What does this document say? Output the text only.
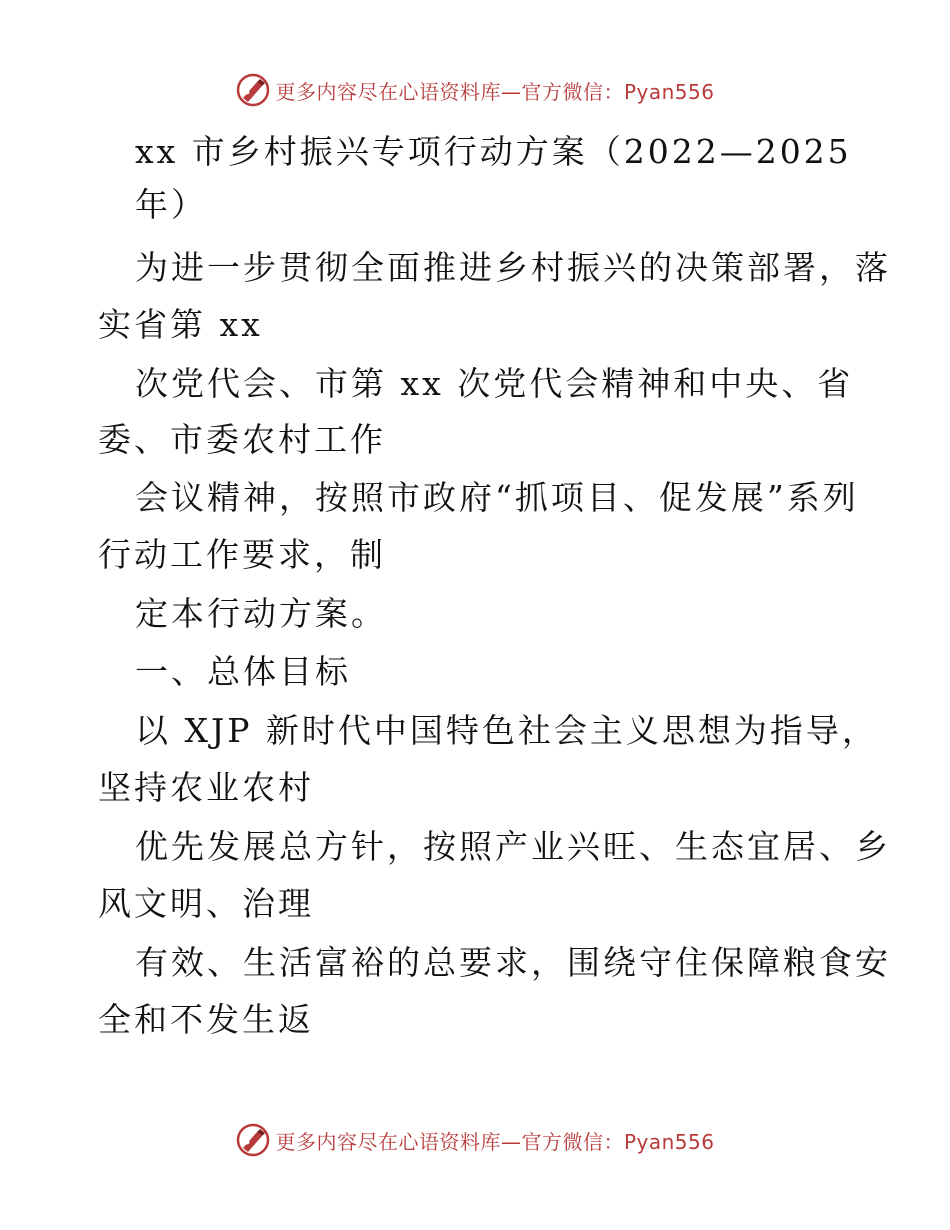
更多内容尽在心语资料库—官方微信：Pyan556
xx 市乡村振兴专项行动方案（2022—2025
年）
为进一步贯彻全面推进乡村振兴的决策部署，落
实省第 xx
次党代会、市第 xx 次党代会精神和中央、省
委、市委农村工作
会议精神，按照市政府“抓项目、促发展”系列
行动工作要求，制
定本行动方案。
一、总体目标
以 XJP 新时代中国特色社会主义思想为指导，
坚持农业农村
优先发展总方针，按照产业兴旺、生态宜居、乡
风文明、治理
有效、生活富裕的总要求，围绕守住保障粮食安
全和不发生返
更多内容尽在心语资料库—官方微信：Pyan556
